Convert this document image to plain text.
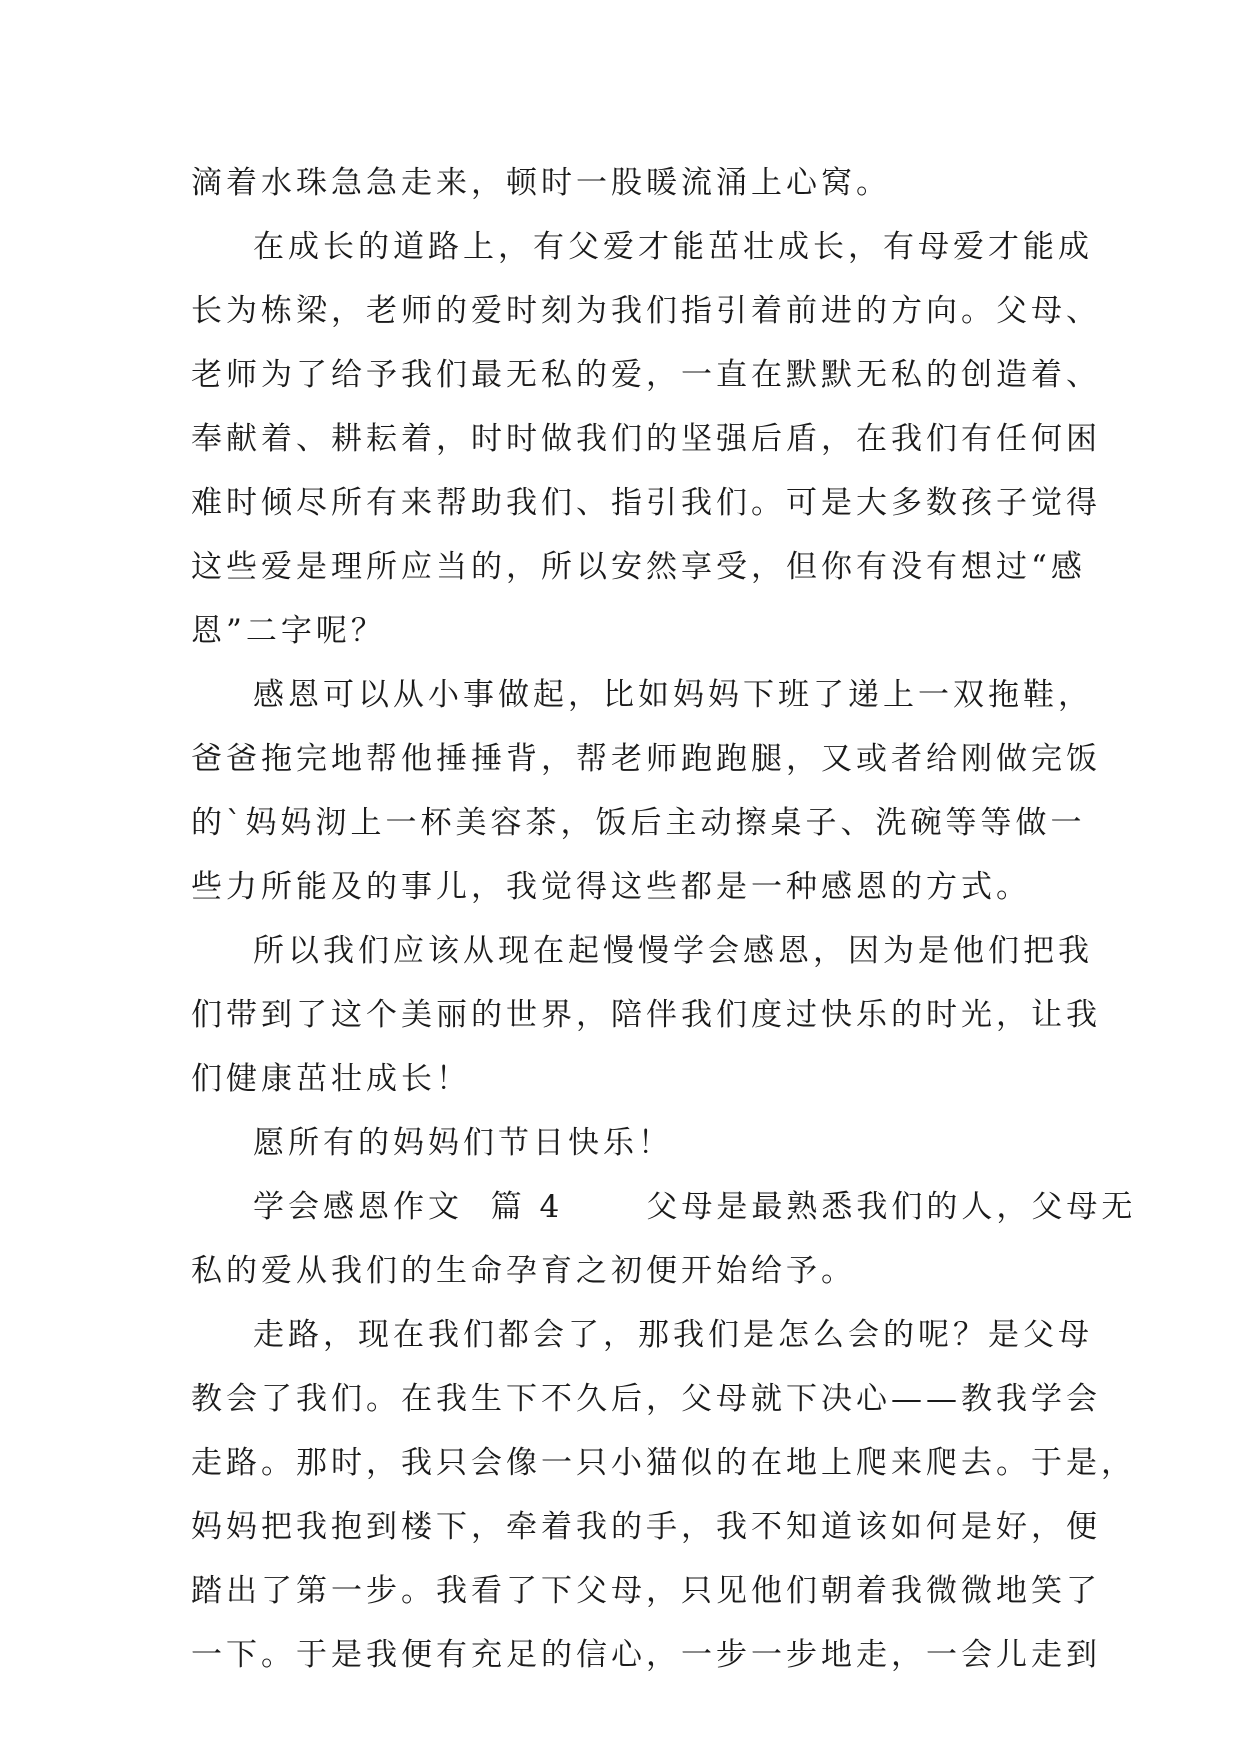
滴着水珠急急走来，顿时一股暖流涌上心窝。
在成长的道路上，有父爱才能茁壮成长，有母爱才能成
长为栋梁，老师的爱时刻为我们指引着前进的方向。父母、
老师为了给予我们最无私的爱，一直在默默无私的创造着、
奉献着、耕耘着，时时做我们的坚强后盾，在我们有任何困
难时倾尽所有来帮助我们、指引我们。可是大多数孩子觉得
这些爱是理所应当的，所以安然享受，但你有没有想过“感
恩”二字呢？
感恩可以从小事做起，比如妈妈下班了递上一双拖鞋，
爸爸拖完地帮他捶捶背，帮老师跑跑腿，又或者给刚做完饭
的`妈妈沏上一杯美容茶，饭后主动擦桌子、洗碗等等做一
些力所能及的事儿，我觉得这些都是一种感恩的方式。
所以我们应该从现在起慢慢学会感恩，因为是他们把我
们带到了这个美丽的世界，陪伴我们度过快乐的时光，让我
们健康茁壮成长！
愿所有的妈妈们节日快乐！
学会感恩作文  篇 4      父母是最熟悉我们的人，父母无
私的爱从我们的生命孕育之初便开始给予。
走路，现在我们都会了，那我们是怎么会的呢？是父母
教会了我们。在我生下不久后，父母就下决心——教我学会
走路。那时，我只会像一只小猫似的在地上爬来爬去。于是，
妈妈把我抱到楼下，牵着我的手，我不知道该如何是好，便
踏出了第一步。我看了下父母，只见他们朝着我微微地笑了
一下。于是我便有充足的信心，一步一步地走，一会儿走到
